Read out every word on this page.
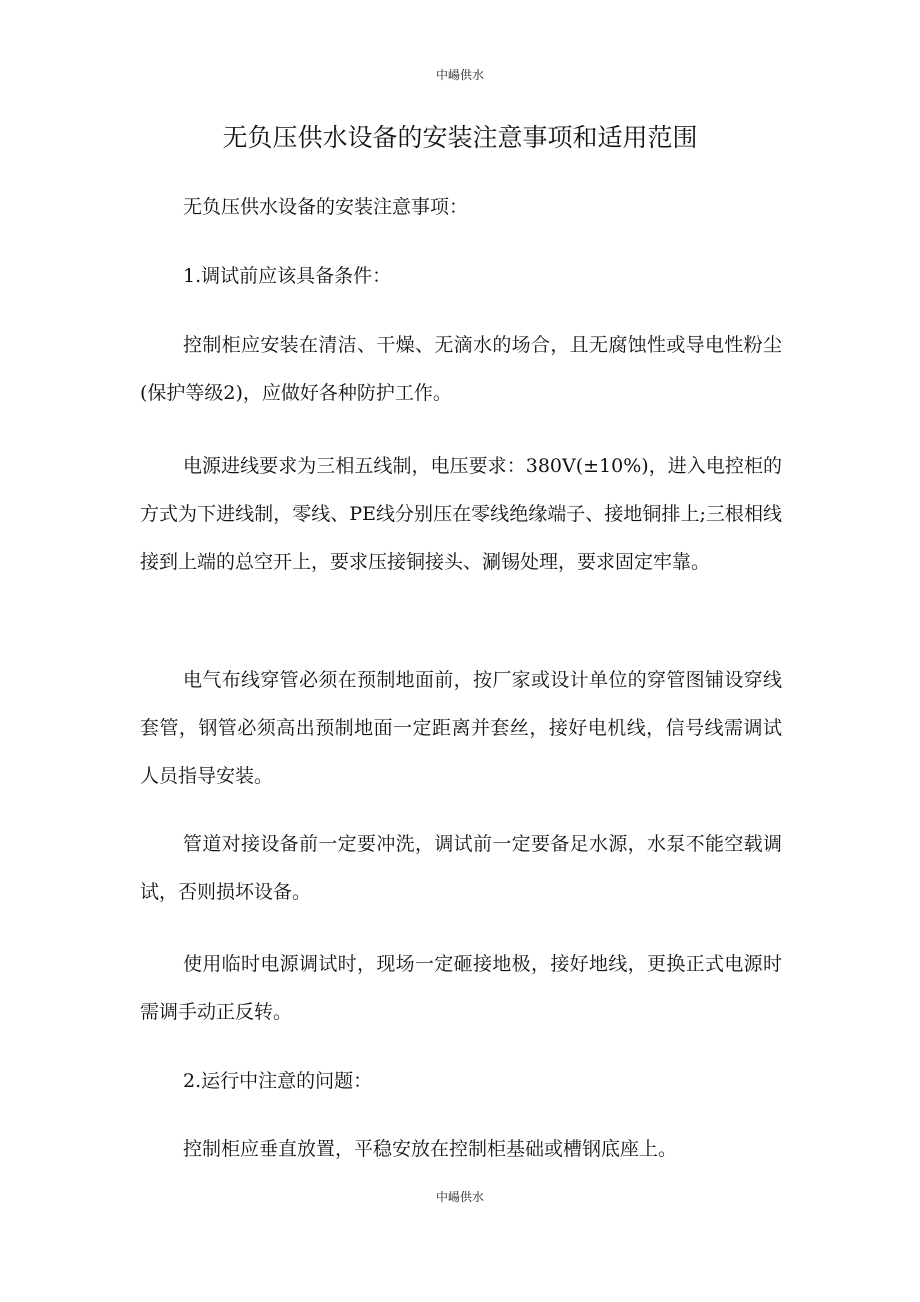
中崵供水
无负压供水设备的安装注意事项和适用范围
无负压供水设备的安装注意事项：
1.调试前应该具备条件：
控制柜应安装在清洁、干燥、无滴水的场合，且无腐蚀性或导电性粉尘(保护等级2)，应做好各种防护工作。
电源进线要求为三相五线制，电压要求：380V(±10%)，进入电控柜的方式为下进线制，零线、PE线分别压在零线绝缘端子、接地铜排上;三根相线接到上端的总空开上，要求压接铜接头、涮锡处理，要求固定牢靠。
电气布线穿管必须在预制地面前，按厂家或设计单位的穿管图铺设穿线套管，钢管必须高出预制地面一定距离并套丝，接好电机线，信号线需调试人员指导安装。
管道对接设备前一定要冲洗，调试前一定要备足水源，水泵不能空载调试，否则损坏设备。
使用临时电源调试时，现场一定砸接地极，接好地线，更换正式电源时需调手动正反转。
2.运行中注意的问题：
控制柜应垂直放置，平稳安放在控制柜基础或槽钢底座上。
中崵供水
